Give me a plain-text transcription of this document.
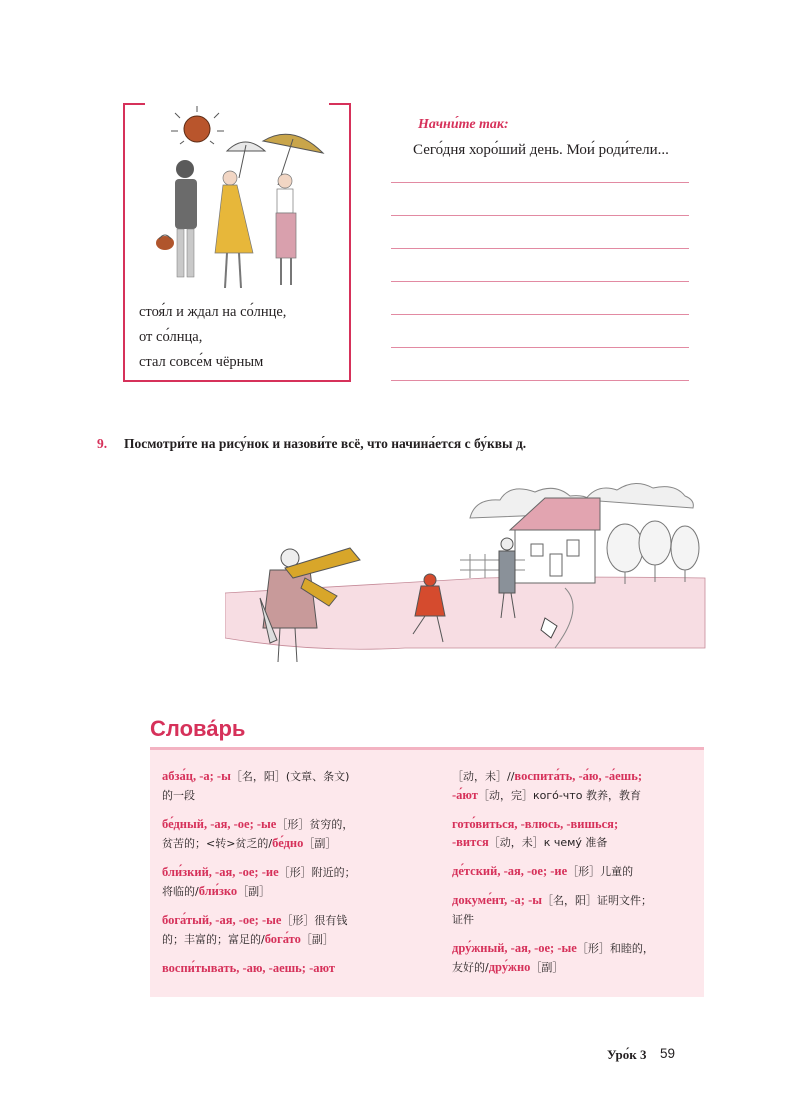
стоя́л и ждал на со́лнце,
от со́лнца,
стал совсе́м чёрным
Начни́те так:
Сего́дня хоро́ший день. Мои́ роди́тели...
9. Посмотри́те на рису́нок и назови́те всё, что начина́ется с бу́квы д.
Слова́рь
абза́ц, -а; -ы［名，阳］(文章、条文)
的一段
бе́дный, -ая, -ое; -ые［形］贫穷的，
贫苦的；<转>贫乏的/бе́дно［副］
бли́зкий, -ая, -ое; -ие［形］附近的；
将临的/бли́зко［副］
бога́тый, -ая, -ое; -ые［形］很有钱
的；丰富的；富足的/бога́то［副］
воспи́тывать, -аю, -аешь; -ают
［动，未］//воспита́ть, -а́ю, -а́ешь;
-а́ют［动，完］кого́-что 教养，教育
гото́виться, -влюсь, -вишься;
-вится［动，未］к чему́ 准备
де́тский, -ая, -ое; -ие［形］儿童的
докуме́нт, -а; -ы［名，阳］证明文件；
证件
дру́жный, -ая, -ое; -ые［形］和睦的，
友好的/дру́жно［副］
Уро́к 3 59
